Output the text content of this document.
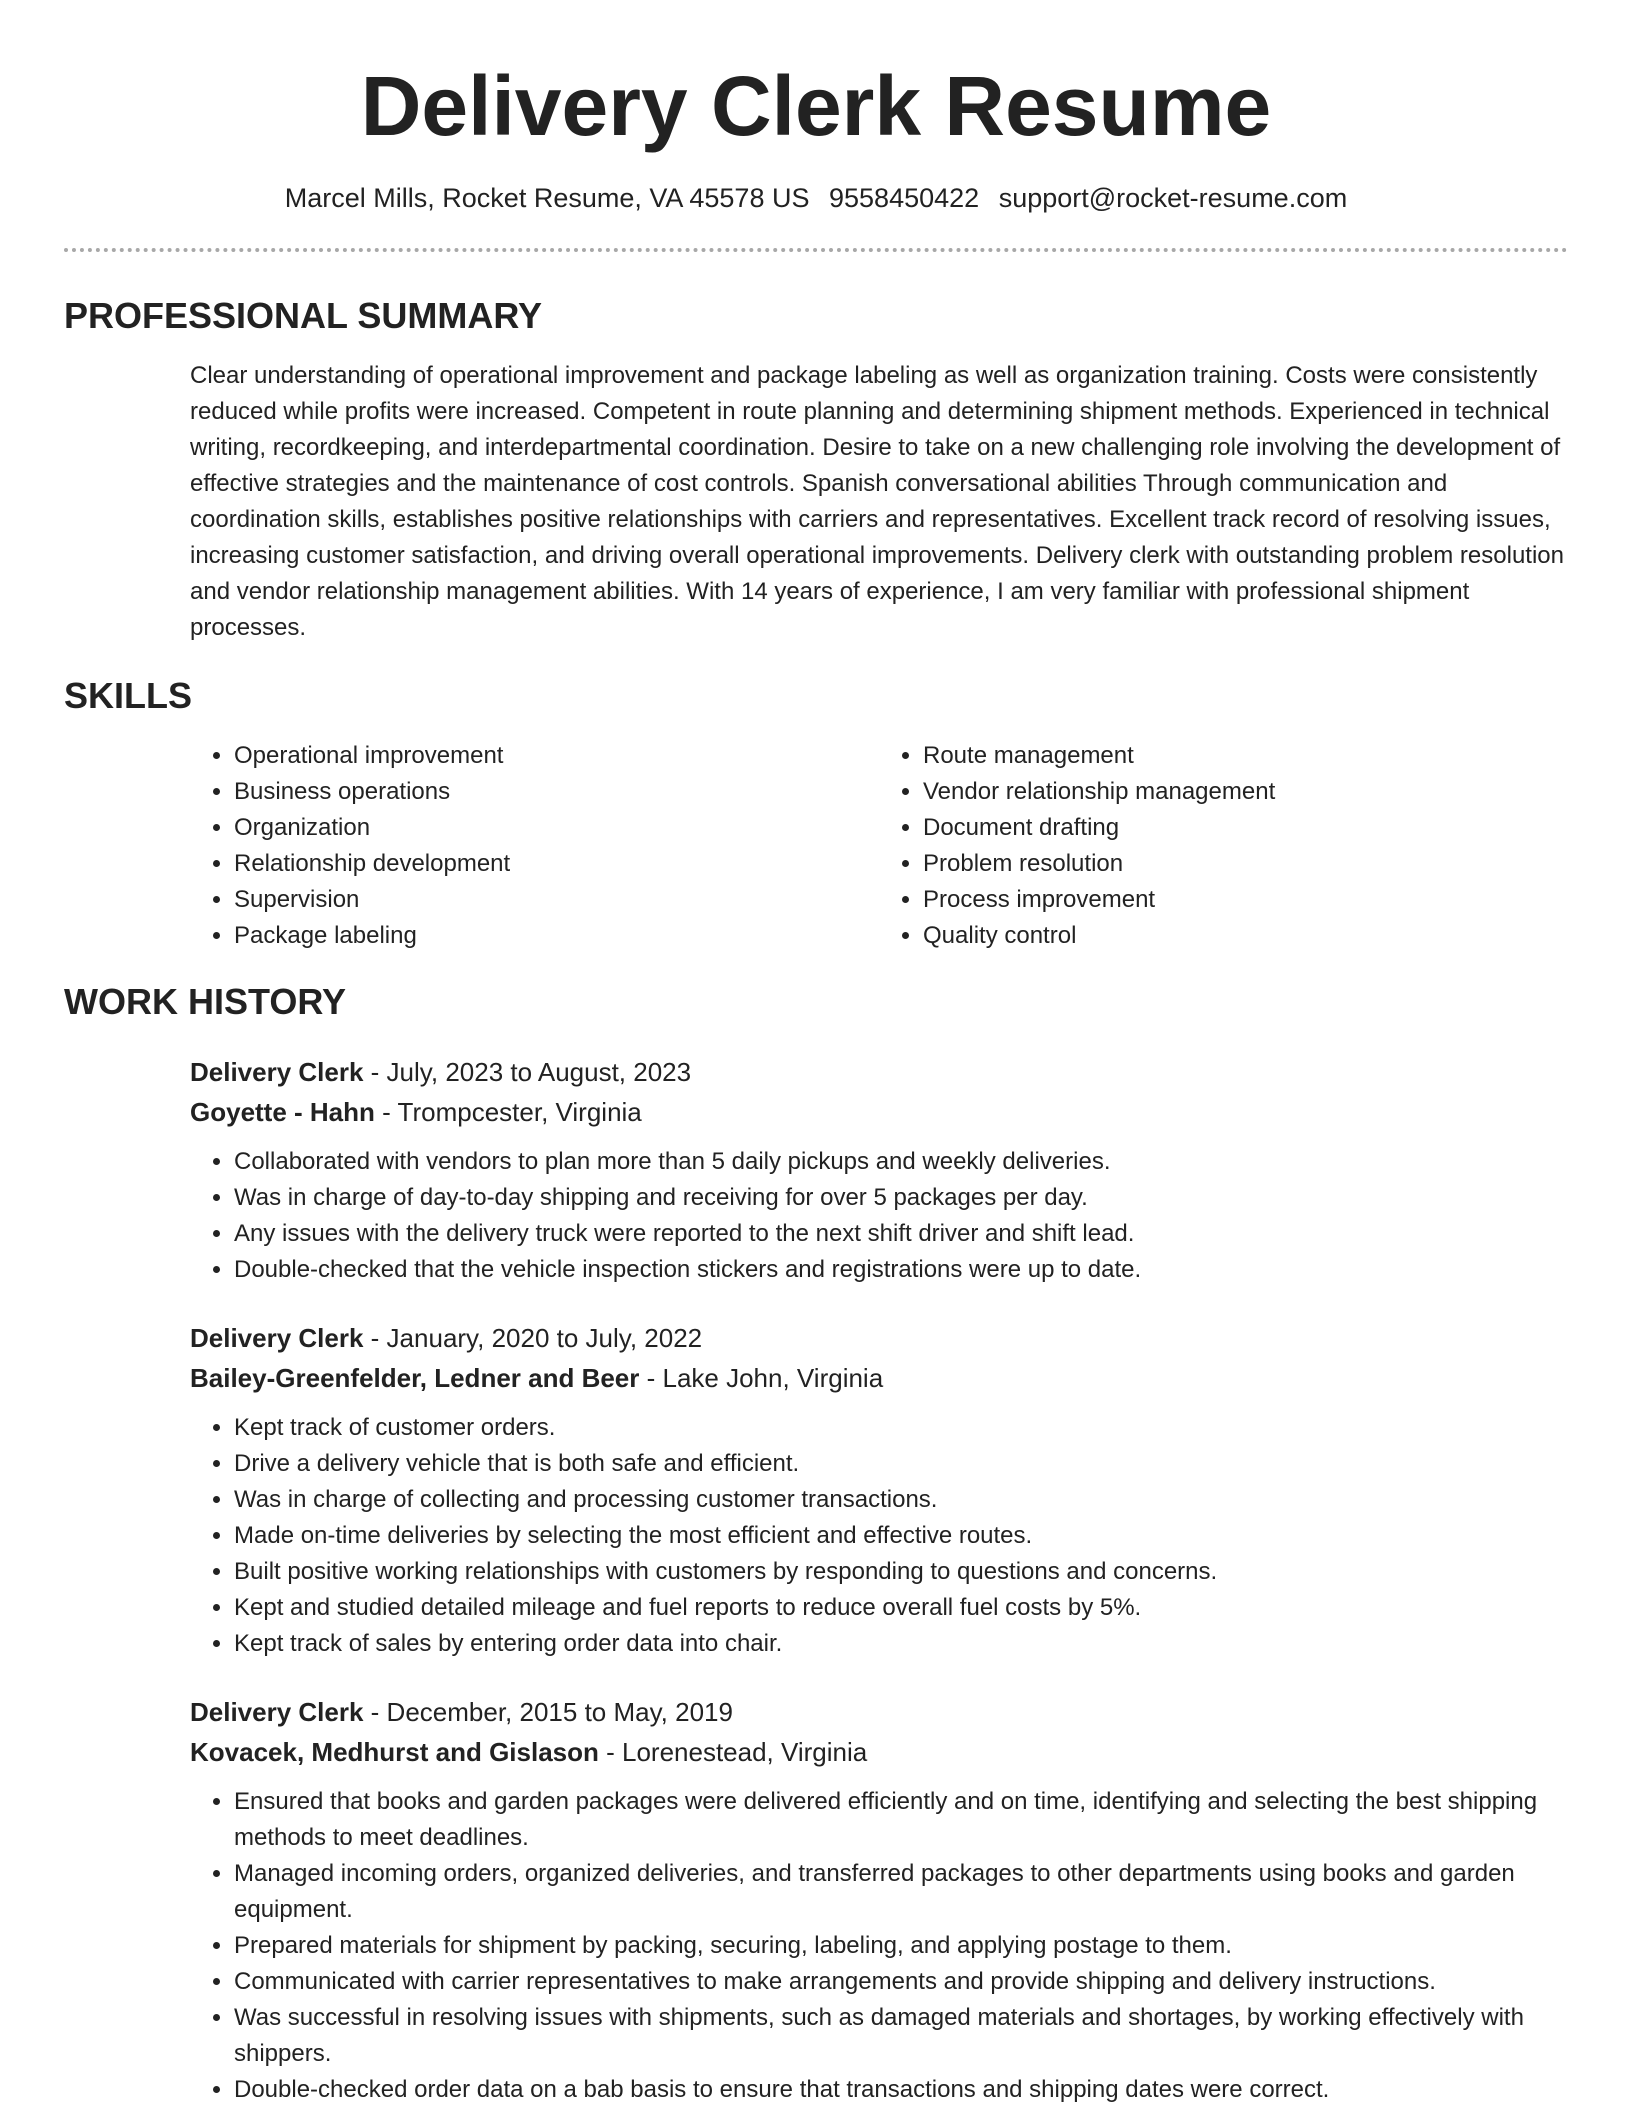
Delivery Clerk Resume
Marcel Mills, Rocket Resume, VA 45578 US 9558450422 support@rocket-resume.com
PROFESSIONAL SUMMARY

Clear understanding of operational improvement and package labeling as well as organization training. Costs were consistently reduced while profits were increased. Competent in route planning and determining shipment methods. Experienced in technical writing, recordkeeping, and interdepartmental coordination. Desire to take on a new challenging role involving the development of effective strategies and the maintenance of cost controls. Spanish conversational abilities Through communication and coordination skills, establishes positive relationships with carriers and representatives. Excellent track record of resolving issues, increasing customer satisfaction, and driving overall operational improvements. Delivery clerk with outstanding problem resolution and vendor relationship management abilities. With 14 years of experience, I am very familiar with professional shipment processes.

SKILLS
• Operational improvement
• Business operations
• Organization
• Relationship development
• Supervision
• Package labeling
• Route management
• Vendor relationship management
• Document drafting
• Problem resolution
• Process improvement
• Quality control
WORK HISTORY
Delivery Clerk - July, 2023 to August, 2023
Goyette - Hahn - Trompcester, Virginia
• Collaborated with vendors to plan more than 5 daily pickups and weekly deliveries.
• Was in charge of day-to-day shipping and receiving for over 5 packages per day.
• Any issues with the delivery truck were reported to the next shift driver and shift lead.
• Double-checked that the vehicle inspection stickers and registrations were up to date.
Delivery Clerk - January, 2020 to July, 2022
Bailey-Greenfelder, Ledner and Beer - Lake John, Virginia
• Kept track of customer orders.
• Drive a delivery vehicle that is both safe and efficient.
• Was in charge of collecting and processing customer transactions.
• Made on-time deliveries by selecting the most efficient and effective routes.
• Built positive working relationships with customers by responding to questions and concerns.
• Kept and studied detailed mileage and fuel reports to reduce overall fuel costs by 5%.
• Kept track of sales by entering order data into chair.
Delivery Clerk - December, 2015 to May, 2019
Kovacek, Medhurst and Gislason - Lorenestead, Virginia
• Ensured that books and garden packages were delivered efficiently and on time, identifying and selecting the best shipping methods to meet deadlines.
• Managed incoming orders, organized deliveries, and transferred packages to other departments using books and garden equipment.
• Prepared materials for shipment by packing, securing, labeling, and applying postage to them.
• Communicated with carrier representatives to make arrangements and provide shipping and delivery instructions.
• Was successful in resolving issues with shipments, such as damaged materials and shortages, by working effectively with shippers.
• Double-checked order data on a bab basis to ensure that transactions and shipping dates were correct.
